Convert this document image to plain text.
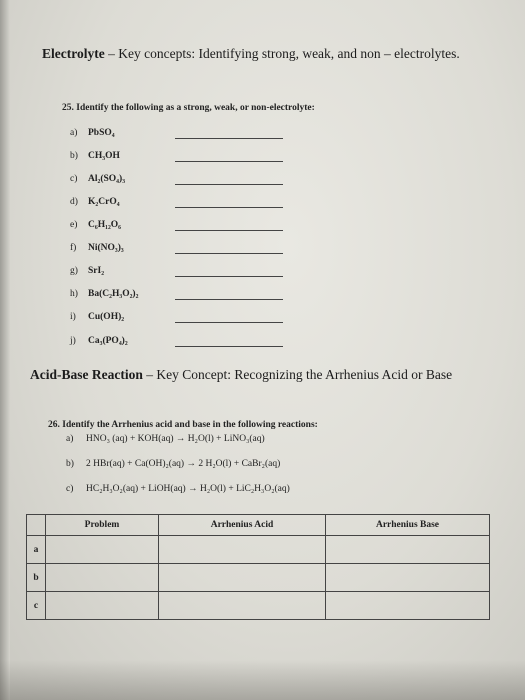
Electrolyte – Key concepts: Identifying strong, weak, and non – electrolytes.
25. Identify the following as a strong, weak, or non-electrolyte:
a) PbSO₄
b) CH₃OH
c) Al₂(SO₄)₃
d) K₂CrO₄
e) C₆H₁₂O₆
f) Ni(NO₃)₃
g) SrI₂
h) Ba(C₂H₃O₂)₂
i) Cu(OH)₂
j) Ca₃(PO₄)₂
Acid-Base Reaction – Key Concept: Recognizing the Arrhenius Acid or Base
26. Identify the Arrhenius acid and base in the following reactions:
a) HNO₃ (aq) + KOH(aq) → H₂O(l) + LiNO₃(aq)
b) 2 HBr(aq) + Ca(OH)₂(aq) → 2 H₂O(l) + CaBr₂(aq)
c) HC₂H₃O₂(aq) + LiOH(aq) → H₂O(l) + LiC₂H₃O₂(aq)
	Problem	Arrhenius Acid	Arrhenius Base
a			
b			
c			
